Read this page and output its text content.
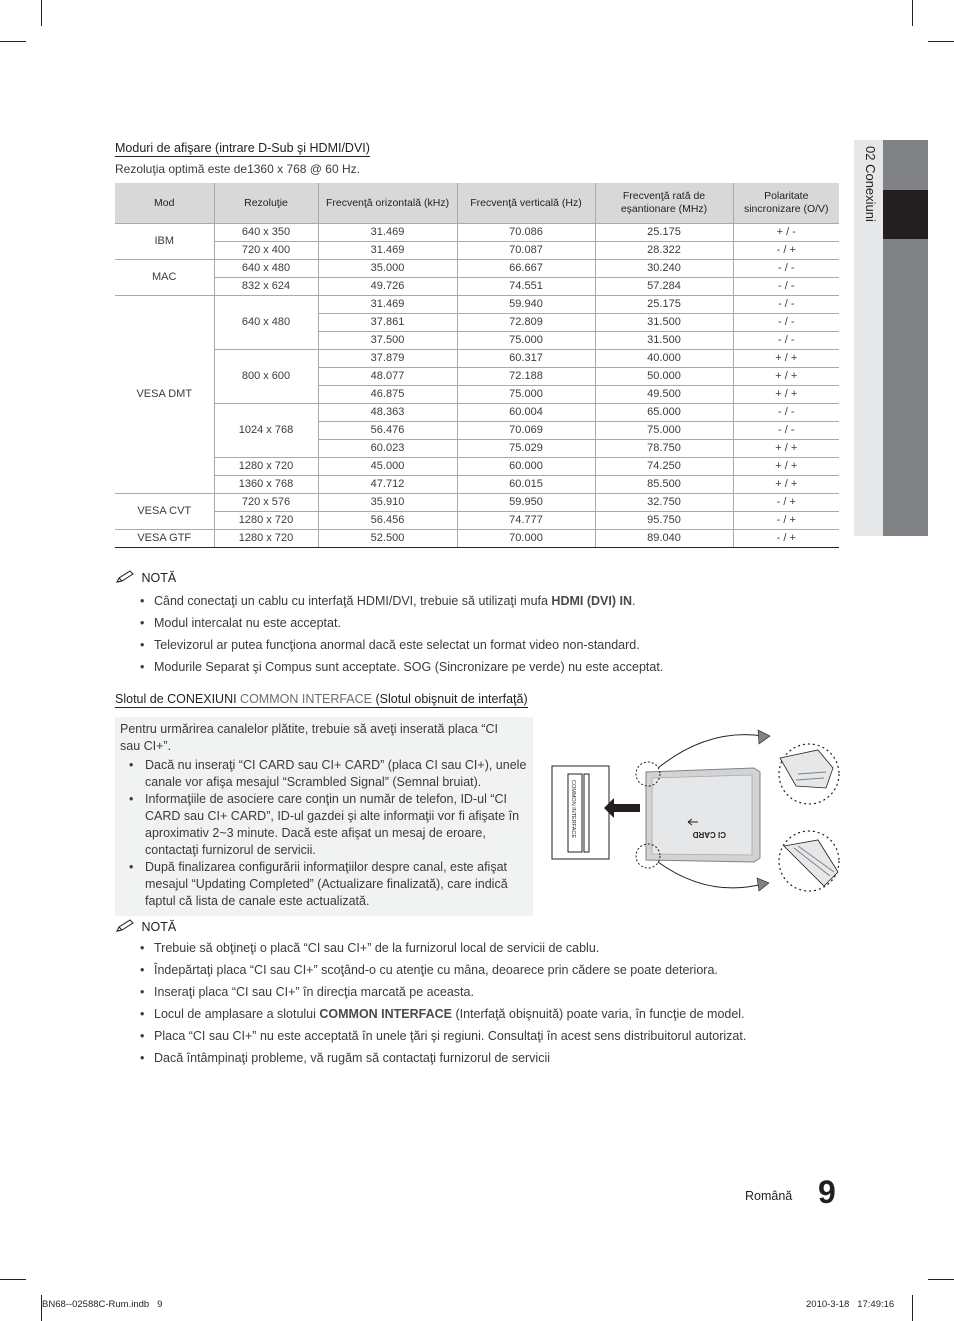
02 Conexiuni
Moduri de afişare (intrare D-Sub şi HDMI/DVI)
Rezoluţia optimă este de1360 x 768 @ 60 Hz.
Mod	Rezoluţie	Frecvenţă orizontală (kHz)	Frecvenţă verticală (Hz)	Frecvenţă rată de eşantionare (MHz)	Polaritate sincronizare (O/V)
IBM	640 x 350	31.469	70.086	25.175	+ / -
	720 x 400	31.469	70.087	28.322	- / +
MAC	640 x 480	35.000	66.667	30.240	- / -
	832 x 624	49.726	74.551	57.284	- / -
VESA DMT	640 x 480	31.469	59.940	25.175	- / -
		37.861	72.809	31.500	- / -
		37.500	75.000	31.500	- / -
	800 x 600	37.879	60.317	40.000	+ / +
		48.077	72.188	50.000	+ / +
		46.875	75.000	49.500	+ / +
	1024 x 768	48.363	60.004	65.000	- / -
		56.476	70.069	75.000	- / -
		60.023	75.029	78.750	+ / +
	1280 x 720	45.000	60.000	74.250	+ / +
	1360 x 768	47.712	60.015	85.500	+ / +
VESA CVT	720 x 576	35.910	59.950	32.750	- / +
	1280 x 720	56.456	74.777	95.750	- / +
VESA GTF	1280 x 720	52.500	70.000	89.040	- / +
NOTĂ
• Când conectaţi un cablu cu interfaţă HDMI/DVI, trebuie să utilizaţi mufa HDMI (DVI) IN.
• Modul intercalat nu este acceptat.
• Televizorul ar putea funcţiona anormal dacă este selectat un format video non-standard.
• Modurile Separat şi Compus sunt acceptate. SOG (Sincronizare pe verde) nu este acceptat.
Slotul de CONEXIUNI COMMON INTERFACE (Slotul obişnuit de interfaţă)
Pentru urmărirea canalelor plătite, trebuie să aveţi inserată placa “CI sau CI+”.
• Dacă nu inseraţi “CI CARD sau CI+ CARD” (placa CI sau CI+), unele canale vor afişa mesajul “Scrambled Signal” (Semnal bruiat).
• Informaţiile de asociere care conţin un număr de telefon, ID-ul “CI CARD sau CI+ CARD”, ID-ul gazdei şi alte informaţii vor fi afişate în aproximativ 2~3 minute. Dacă este afişat un mesaj de eroare, contactaţi furnizorul de servicii.
• După finalizarea configurării informaţiilor despre canal, este afişat mesajul “Updating Completed” (Actualizare finalizată), care indică faptul că lista de canale este actualizată.
COMMON INTERFACE	CI CARD
NOTĂ
• Trebuie să obţineţi o placă “CI sau CI+” de la furnizorul local de servicii de cablu.
• Îndepărtaţi placa “CI sau CI+” scoţând-o cu atenţie cu mâna, deoarece prin cădere se poate deteriora.
• Inseraţi placa “CI sau CI+” în direcţia marcată pe aceasta.
• Locul de amplasare a slotului COMMON INTERFACE (Interfaţă obişnuită) poate varia, în funcţie de model.
• Placa “CI sau CI+” nu este acceptată în unele ţări şi regiuni. Consultaţi în acest sens distribuitorul autorizat.
• Dacă întâmpinaţi probleme, vă rugăm să contactaţi furnizorul de servicii
Română 9
BN68--02588C-Rum.indb   9	2010-3-18   17:49:16
